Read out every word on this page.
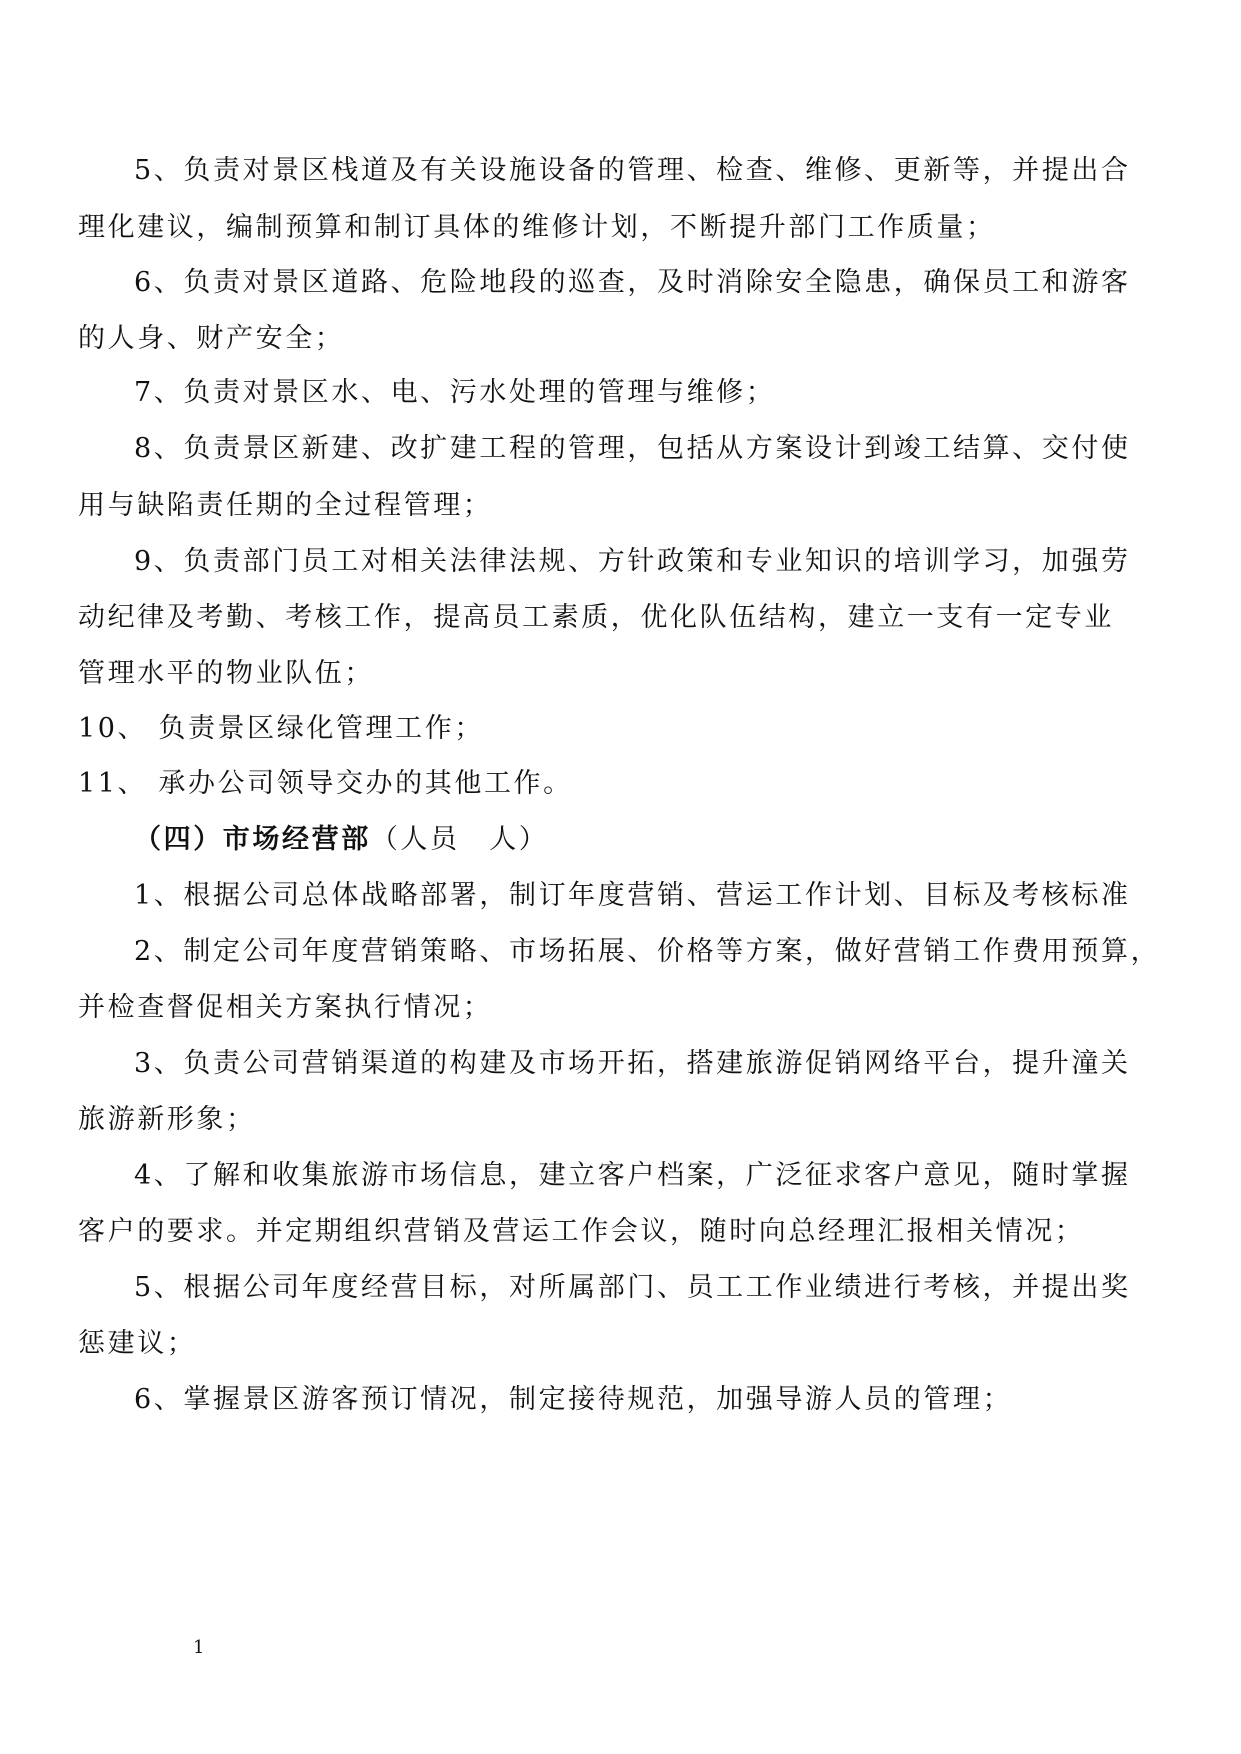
5、负责对景区栈道及有关设施设备的管理、检查、维修、更新等，并提出合
理化建议，编制预算和制订具体的维修计划，不断提升部门工作质量；
6、负责对景区道路、危险地段的巡查，及时消除安全隐患，确保员工和游客
的人身、财产安全；
7、负责对景区水、电、污水处理的管理与维修；
8、负责景区新建、改扩建工程的管理，包括从方案设计到竣工结算、交付使
用与缺陷责任期的全过程管理；
9、负责部门员工对相关法律法规、方针政策和专业知识的培训学习，加强劳
动纪律及考勤、考核工作，提高员工素质，优化队伍结构，建立一支有一定专业
管理水平的物业队伍；
10、 负责景区绿化管理工作；
11、 承办公司领导交办的其他工作。
（四）市场经营部（人员　人）
1、根据公司总体战略部署，制订年度营销、营运工作计划、目标及考核标准
2、制定公司年度营销策略、市场拓展、价格等方案，做好营销工作费用预算，
并检查督促相关方案执行情况；
3、负责公司营销渠道的构建及市场开拓，搭建旅游促销网络平台，提升潼关
旅游新形象；
4、了解和收集旅游市场信息，建立客户档案，广泛征求客户意见，随时掌握
客户的要求。并定期组织营销及营运工作会议，随时向总经理汇报相关情况；
5、根据公司年度经营目标，对所属部门、员工工作业绩进行考核，并提出奖
惩建议；
6、掌握景区游客预订情况，制定接待规范，加强导游人员的管理；
1
